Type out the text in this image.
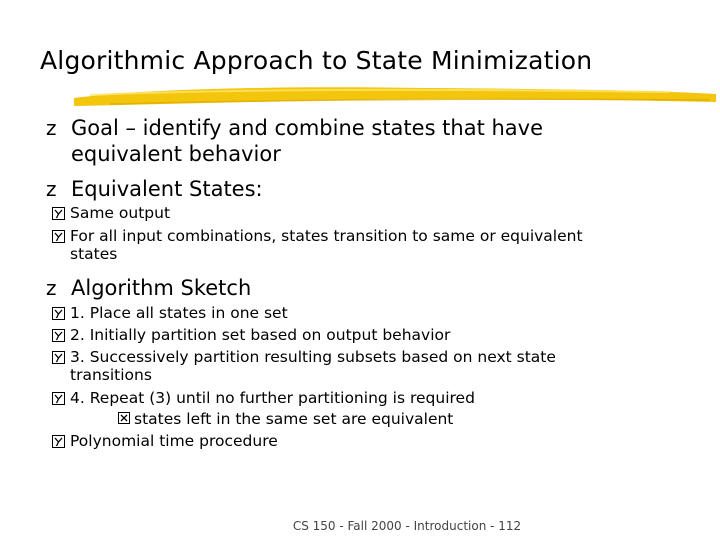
Algorithmic Approach to State Minimization
z Goal – identify and combine states that have
equivalent behavior
z Equivalent States:
Same output
For all input combinations, states transition to same or equivalent
states
z Algorithm Sketch
1. Place all states in one set
2. Initially partition set based on output behavior
3. Successively partition resulting subsets based on next state
transitions
4. Repeat (3) until no further partitioning is required
states left in the same set are equivalent
Polynomial time procedure
CS 150 - Fall 2000 - Introduction - 112
